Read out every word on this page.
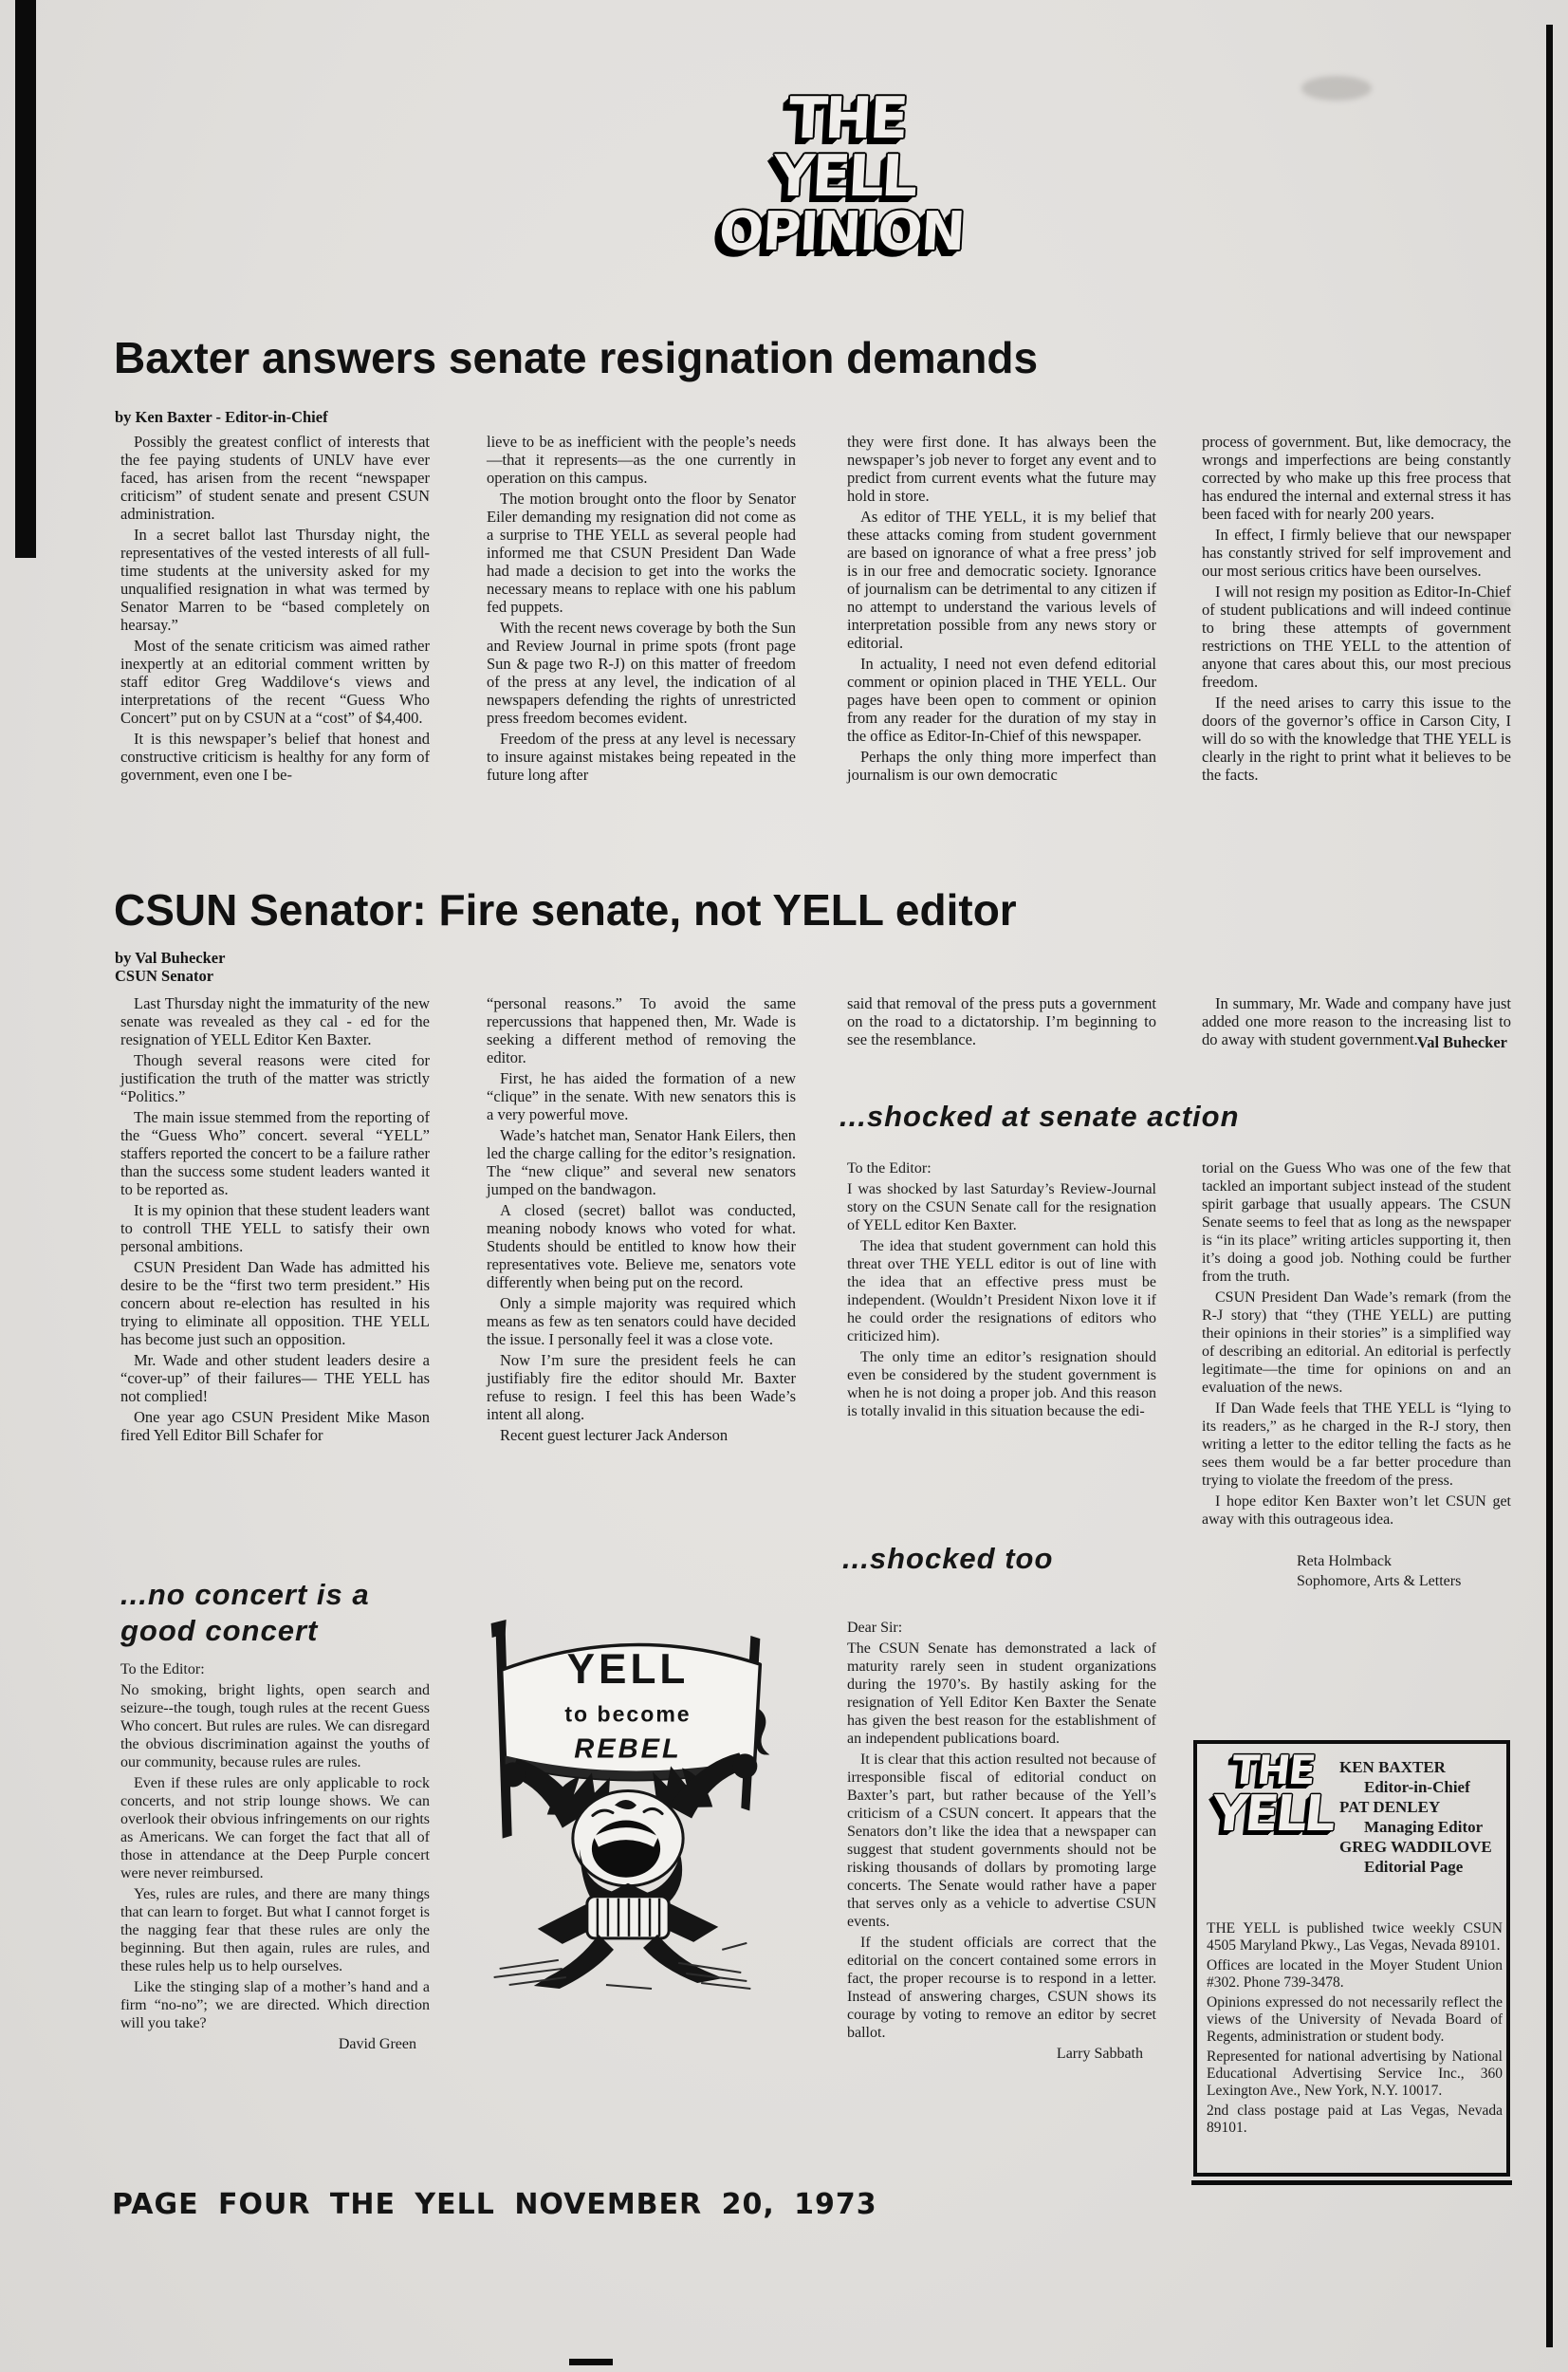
THE
YELL
OPINION
Baxter answers senate resignation demands
by Ken Baxter - Editor-in-Chief

Possibly the greatest conflict of interests that the fee paying students of UNLV have ever faced, has arisen from the recent “newspaper criticism” of student senate and present CSUN administration.

In a secret ballot last Thursday night, the representatives of the vested interests of all full-time students at the university asked for my unqualified resignation in what was termed by Senator Marren to be “based completely on hearsay.”

Most of the senate criticism was aimed rather inexpertly at an editorial comment written by staff editor Greg Waddilove‘s views and interpretations of the recent “Guess Who Concert” put on by CSUN at a “cost” of $4,400.

It is this newspaper’s belief that honest and constructive criticism is healthy for any form of government, even one I be-

lieve to be as inefficient with the people’s needs—that it represents—as the one currently in operation on this campus.

The motion brought onto the floor by Senator Eiler demanding my resignation did not come as a surprise to THE YELL as several people had informed me that CSUN President Dan Wade had made a decision to get into the works the necessary means to replace with one his pablum fed puppets.

With the recent news coverage by both the Sun and Review Journal in prime spots (front page Sun & page two R-J) on this matter of freedom of the press at any level, the indication of al newspapers defending the rights of unrestricted press freedom becomes evident.

Freedom of the press at any level is necessary to insure against mistakes being repeated in the future long after

they were first done. It has always been the newspaper’s job never to forget any event and to predict from current events what the future may hold in store.

As editor of THE YELL, it is my belief that these attacks coming from student government are based on ignorance of what a free press’ job is in our free and democratic society. Ignorance of journalism can be detrimental to any citizen if no attempt to understand the various levels of interpretation possible from any news story or editorial.

In actuality, I need not even defend editorial comment or opinion placed in THE YELL. Our pages have been open to comment or opinion from any reader for the duration of my stay in the office as Editor-In-Chief of this newspaper.

Perhaps the only thing more imperfect than journalism is our own democratic

process of government. But, like democracy, the wrongs and imperfections are being constantly corrected by who make up this free process that has endured the internal and external stress it has been faced with for nearly 200 years.

In effect, I firmly believe that our newspaper has constantly strived for self improvement and our most serious critics have been ourselves.

I will not resign my position as Editor-In-Chief of student publications and will indeed continue to bring these attempts of government restrictions on THE YELL to the attention of anyone that cares about this, our most precious freedom.

If the need arises to carry this issue to the doors of the governor’s office in Carson City, I will do so with the knowledge that THE YELL is clearly in the right to print what it believes to be the facts.

CSUN Senator: Fire senate, not YELL editor
by Val Buhecker
CSUN Senator

Last Thursday night the immaturity of the new senate was revealed as they cal - ed for the resignation of YELL Editor Ken Baxter.

Though several reasons were cited for justification the truth of the matter was strictly “Politics.”

The main issue stemmed from the reporting of the “Guess Who” concert. several “YELL” staffers reported the concert to be a failure rather than the success some student leaders wanted it to be reported as.

It is my opinion that these student leaders want to controll THE YELL to satisfy their own personal ambitions.

CSUN President Dan Wade has admitted his desire to be the “first two term president.” His concern about re-election has resulted in his trying to eliminate all opposition. THE YELL has become just such an opposition.

Mr. Wade and other student leaders desire a “cover-up” of their failures— THE YELL has not complied!

One year ago CSUN President Mike Mason fired Yell Editor Bill Schafer for

“personal reasons.” To avoid the same repercussions that happened then, Mr. Wade is seeking a different method of removing the editor.

First, he has aided the formation of a new “clique” in the senate. With new senators this is a very powerful move.

Wade’s hatchet man, Senator Hank Eilers, then led the charge calling for the editor’s resignation. The “new clique” and several new senators jumped on the bandwagon.

A closed (secret) ballot was conducted, meaning nobody knows who voted for what. Students should be entitled to know how their representatives vote. Believe me, senators vote differently when being put on the record.

Only a simple majority was required which means as few as ten senators could have decided the issue. I personally feel it was a close vote.

Now I’m sure the president feels he can justifiably fire the editor should Mr. Baxter refuse to resign. I feel this has been Wade’s intent all along.

Recent guest lecturer Jack Anderson

said that removal of the press puts a government on the road to a dictatorship. I’m beginning to see the resemblance.

In summary, Mr. Wade and company have just added one more reason to the increasing list to do away with student government. Val Buhecker
...shocked at senate action

To the Editor:

I was shocked by last Saturday’s Review-Journal story on the CSUN Senate call for the resignation of YELL editor Ken Baxter.

The idea that student government can hold this threat over THE YELL editor is out of line with the idea that an effective press must be independent. (Wouldn’t President Nixon love it if he could order the resignations of editors who criticized him).

The only time an editor’s resignation should even be considered by the student government is when he is not doing a proper job. And this reason is totally invalid in this situation because the edi-

torial on the Guess Who was one of the few that tackled an important subject instead of the student spirit garbage that usually appears. The CSUN Senate seems to feel that as long as the newspaper is “in its place” writing articles supporting it, then it’s doing a good job. Nothing could be further from the truth.

CSUN President Dan Wade’s remark (from the R-J story) that “they (THE YELL) are putting their opinions in their stories” is a simplified way of describing an editorial. An editorial is perfectly legitimate—the time for opinions on and an evaluation of the news.

If Dan Wade feels that THE YELL is “lying to its readers,” as he charged in the R-J story, then writing a letter to the editor telling the facts as he sees them would be a far better procedure than trying to violate the freedom of the press.

I hope editor Ken Baxter won’t let CSUN get away with this outrageous idea.

Reta Holmback
Sophomore, Arts & Letters
...shocked too

Dear Sir:

The CSUN Senate has demonstrated a lack of maturity rarely seen in student organizations during the 1970’s. By hastily asking for the resignation of Yell Editor Ken Baxter the Senate has given the best reason for the establishment of an independent publications board.

It is clear that this action resulted not because of irresponsible fiscal of editorial conduct on Baxter’s part, but rather because of the Yell’s criticism of a CSUN concert. It appears that the Senators don’t like the idea that a newspaper can suggest that student governments should not be risking thousands of dollars by promoting large concerts. The Senate would rather have a paper that serves only as a vehicle to advertise CSUN events.

If the student officials are correct that the editorial on the concert contained some errors in fact, the proper recourse is to respond in a letter. Instead of answering charges, CSUN shows its courage by voting to remove an editor by secret ballot.

Larry Sabbath
...no concert is a
good concert

To the Editor:

No smoking, bright lights, open search and seizure--the tough, tough rules at the recent Guess Who concert. But rules are rules. We can disregard the obvious discrimination against the youths of our community, because rules are rules.

Even if these rules are only applicable to rock concerts, and not strip lounge shows. We can overlook their obvious infringements on our rights as Americans. We can forget the fact that all of those in attendance at the Deep Purple concert were never reimbursed.

Yes, rules are rules, and there are many things that can learn to forget. But what I cannot forget is the nagging fear that these rules are only the beginning. But then again, rules are rules, and these rules help us to help ourselves.

Like the stinging slap of a mother’s hand and a firm “no-no”; we are directed. Which direction will you take?

David Green
YELL
to become
REBEL	THE
YELL
KEN BAXTER
Editor-in-Chief
PAT DENLEY
Managing Editor
GREG WADDILOVE
Editorial Page

THE YELL is published twice weekly CSUN 4505 Maryland Pkwy., Las Vegas, Nevada 89101.

Offices are located in the Moyer Student Union #302. Phone 739-3478.

Opinions expressed do not necessarily reflect the views of the University of Nevada Board of Regents, administration or student body.

Represented for national advertising by National Educational Advertising Service Inc., 360 Lexington Ave., New York, N.Y. 10017.

2nd class postage paid at Las Vegas, Nevada 89101.

PAGE FOUR THE YELL NOVEMBER 20, 1973
